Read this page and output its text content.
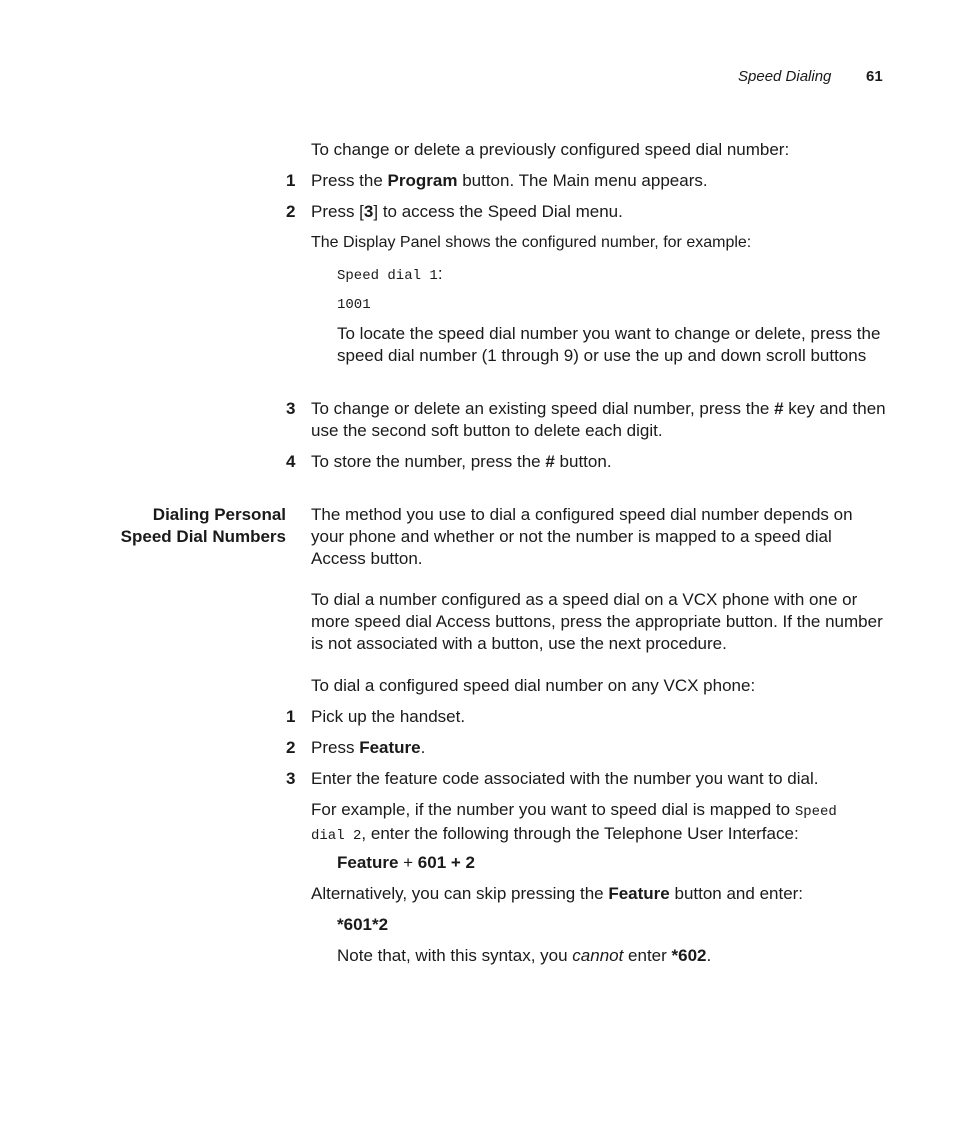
Speed Dialing 61
To change or delete a previously configured speed dial number:
1 Press the Program button. The Main menu appears.
2 Press [3] to access the Speed Dial menu.
The Display Panel shows the configured number, for example:
Speed dial 1:
1001
To locate the speed dial number you want to change or delete, press the speed dial number (1 through 9) or use the up and down scroll buttons
3 To change or delete an existing speed dial number, press the # key and then use the second soft button to delete each digit.
4 To store the number, press the # button.
Dialing Personal
Speed Dial Numbers
The method you use to dial a configured speed dial number depends on your phone and whether or not the number is mapped to a speed dial Access button.
To dial a number configured as a speed dial on a VCX phone with one or more speed dial Access buttons, press the appropriate button. If the number is not associated with a button, use the next procedure.
To dial a configured speed dial number on any VCX phone:
1 Pick up the handset.
2 Press Feature.
3 Enter the feature code associated with the number you want to dial.
For example, if the number you want to speed dial is mapped to Speed
dial 2, enter the following through the Telephone User Interface:
Feature + 601 + 2
Alternatively, you can skip pressing the Feature button and enter:
*601*2
Note that, with this syntax, you cannot enter *602.
